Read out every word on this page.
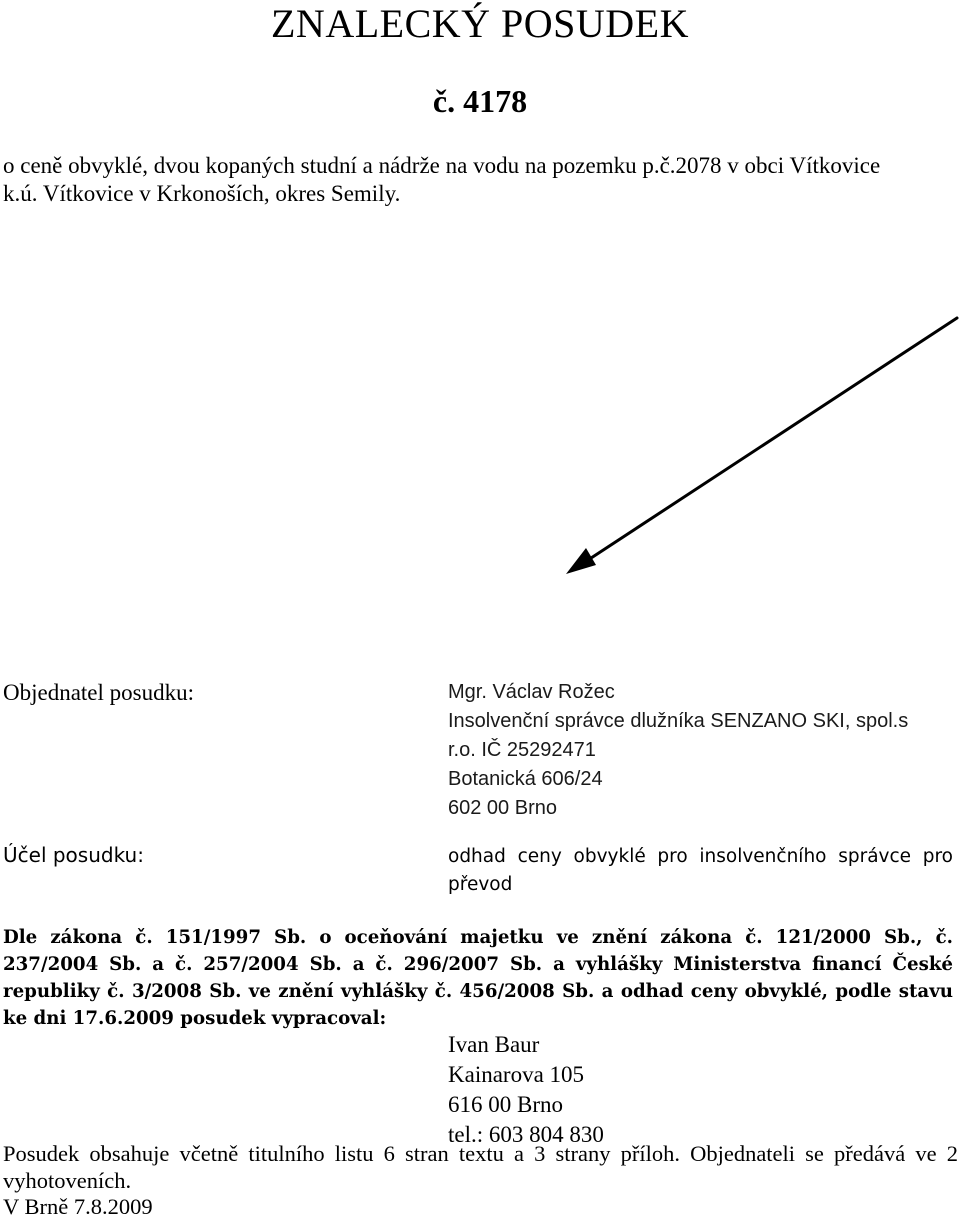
ZNALECKÝ POSUDEK
č. 4178
o ceně obvyklé, dvou kopaných studní a nádrže na vodu na pozemku p.č.2078 v obci Vítkovice
k.ú. Vítkovice v Krkonoších, okres Semily.
Objednatel posudku:	Mgr. Václav Rožec
Insolvenční správce dlužníka SENZANO SKI, spol.s
r.o. IČ 25292471
Botanická 606/24
602 00 Brno
Účel posudku:	odhad ceny obvyklé pro insolvenčního správce pro převod
Dle zákona č. 151/1997 Sb. o oceňování majetku ve znění zákona č. 121/2000 Sb., č. 237/2004 Sb. a č. 257/2004 Sb. a č. 296/2007 Sb. a vyhlášky Ministerstva financí České republiky č. 3/2008 Sb. ve znění vyhlášky č. 456/2008 Sb. a odhad ceny obvyklé, podle stavu ke dni 17.6.2009 posudek vypracoval:
Ivan Baur
Kainarova 105
616 00 Brno
tel.: 603 804 830
Posudek obsahuje včetně titulního listu 6 stran textu a 3 strany příloh. Objednateli se předává ve 2 vyhotoveních.
V Brně 7.8.2009
